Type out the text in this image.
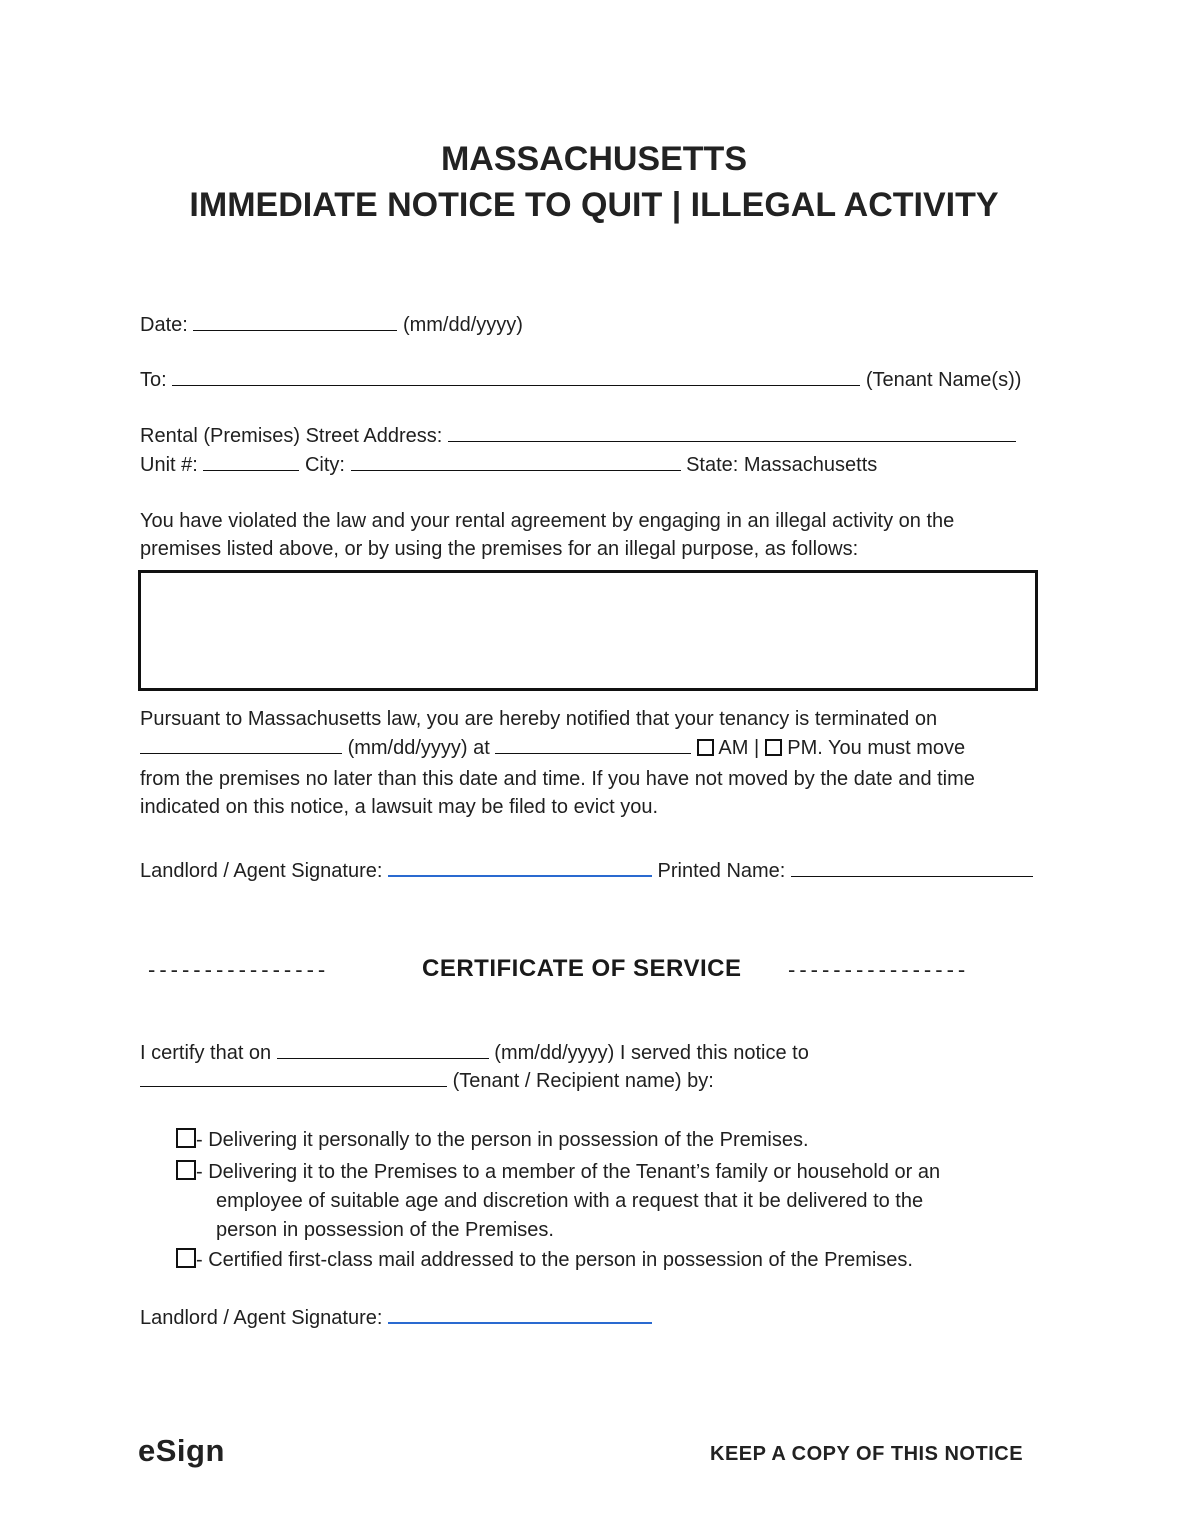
MASSACHUSETTS
IMMEDIATE NOTICE TO QUIT | ILLEGAL ACTIVITY
Date:	(mm/dd/yyyy)
To:	(Tenant Name(s))
Rental (Premises) Street Address:
Unit #:	City:	State: Massachusetts
You have violated the law and your rental agreement by engaging in an illegal activity on the
premises listed above, or by using the premises for an illegal purpose, as follows:
Pursuant to Massachusetts law, you are hereby notified that your tenancy is terminated on
(mm/dd/yyyy) at	AM | PM. You must move
from the premises no later than this date and time. If you have not moved by the date and time
indicated on this notice, a lawsuit may be filed to evict you.
Landlord / Agent Signature:	Printed Name:
----------------	CERTIFICATE OF SERVICE ----------------
I certify that on	(mm/dd/yyyy) I served this notice to
(Tenant / Recipient name) by:
- Delivering it personally to the person in possession of the Premises.
- Delivering it to the Premises to a member of the Tenant’s family or household or an
employee of suitable age and discretion with a request that it be delivered to the
person in possession of the Premises.
- Certified first-class mail addressed to the person in possession of the Premises.
Landlord / Agent Signature:
eSign	KEEP A COPY OF THIS NOTICE
